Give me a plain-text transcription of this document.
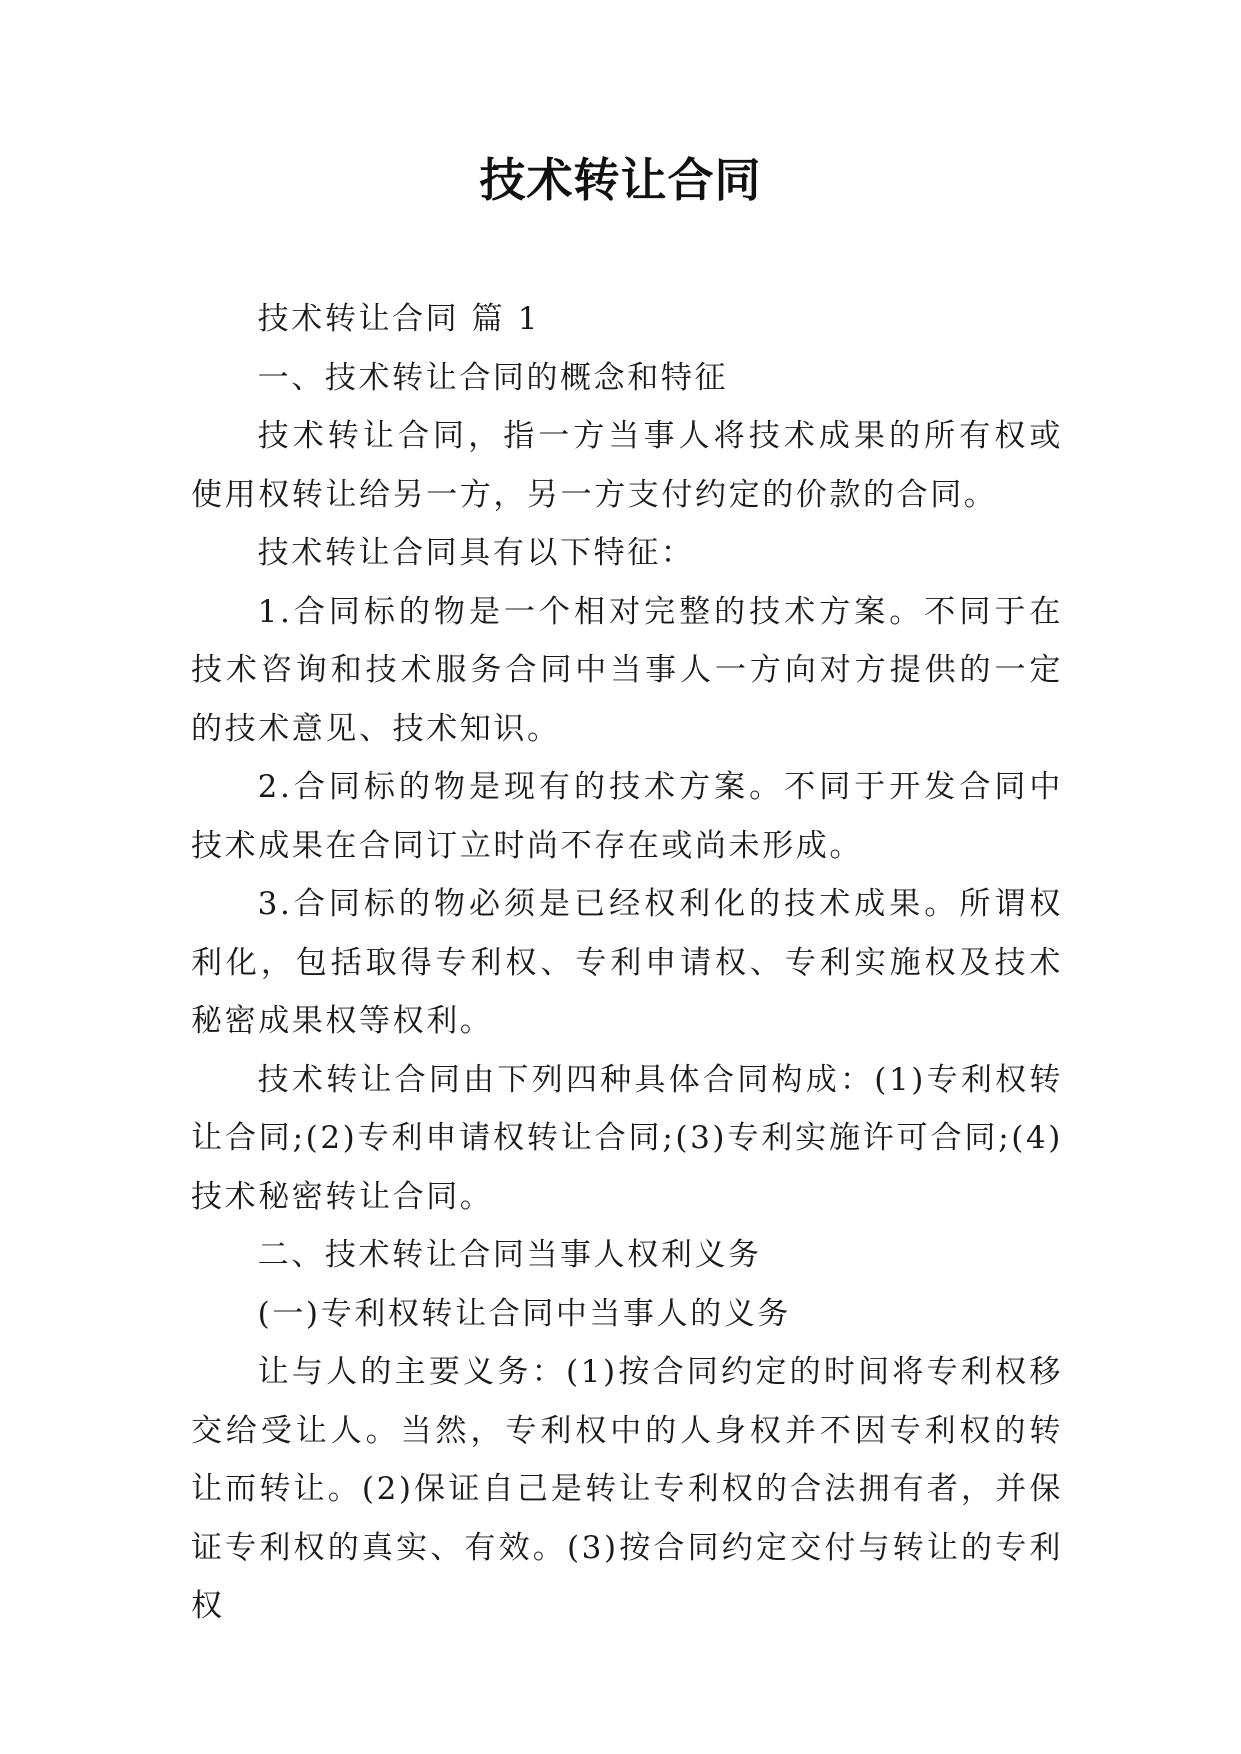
技术转让合同

技术转让合同 篇 1

一、技术转让合同的概念和特征

技术转让合同，指一方当事人将技术成果的所有权或使用权转让给另一方，另一方支付约定的价款的合同。

技术转让合同具有以下特征：

1.合同标的物是一个相对完整的技术方案。不同于在技术咨询和技术服务合同中当事人一方向对方提供的一定的技术意见、技术知识。

2.合同标的物是现有的技术方案。不同于开发合同中技术成果在合同订立时尚不存在或尚未形成。

3.合同标的物必须是已经权利化的技术成果。所谓权利化，包括取得专利权、专利申请权、专利实施权及技术秘密成果权等权利。

技术转让合同由下列四种具体合同构成：(1)专利权转让合同;(2)专利申请权转让合同;(3)专利实施许可合同;(4)技术秘密转让合同。

二、技术转让合同当事人权利义务

(一)专利权转让合同中当事人的义务

让与人的主要义务：(1)按合同约定的时间将专利权移交给受让人。当然，专利权中的人身权并不因专利权的转让而转让。(2)保证自己是转让专利权的合法拥有者，并保证专利权的真实、有效。(3)按合同约定交付与转让的专利权
